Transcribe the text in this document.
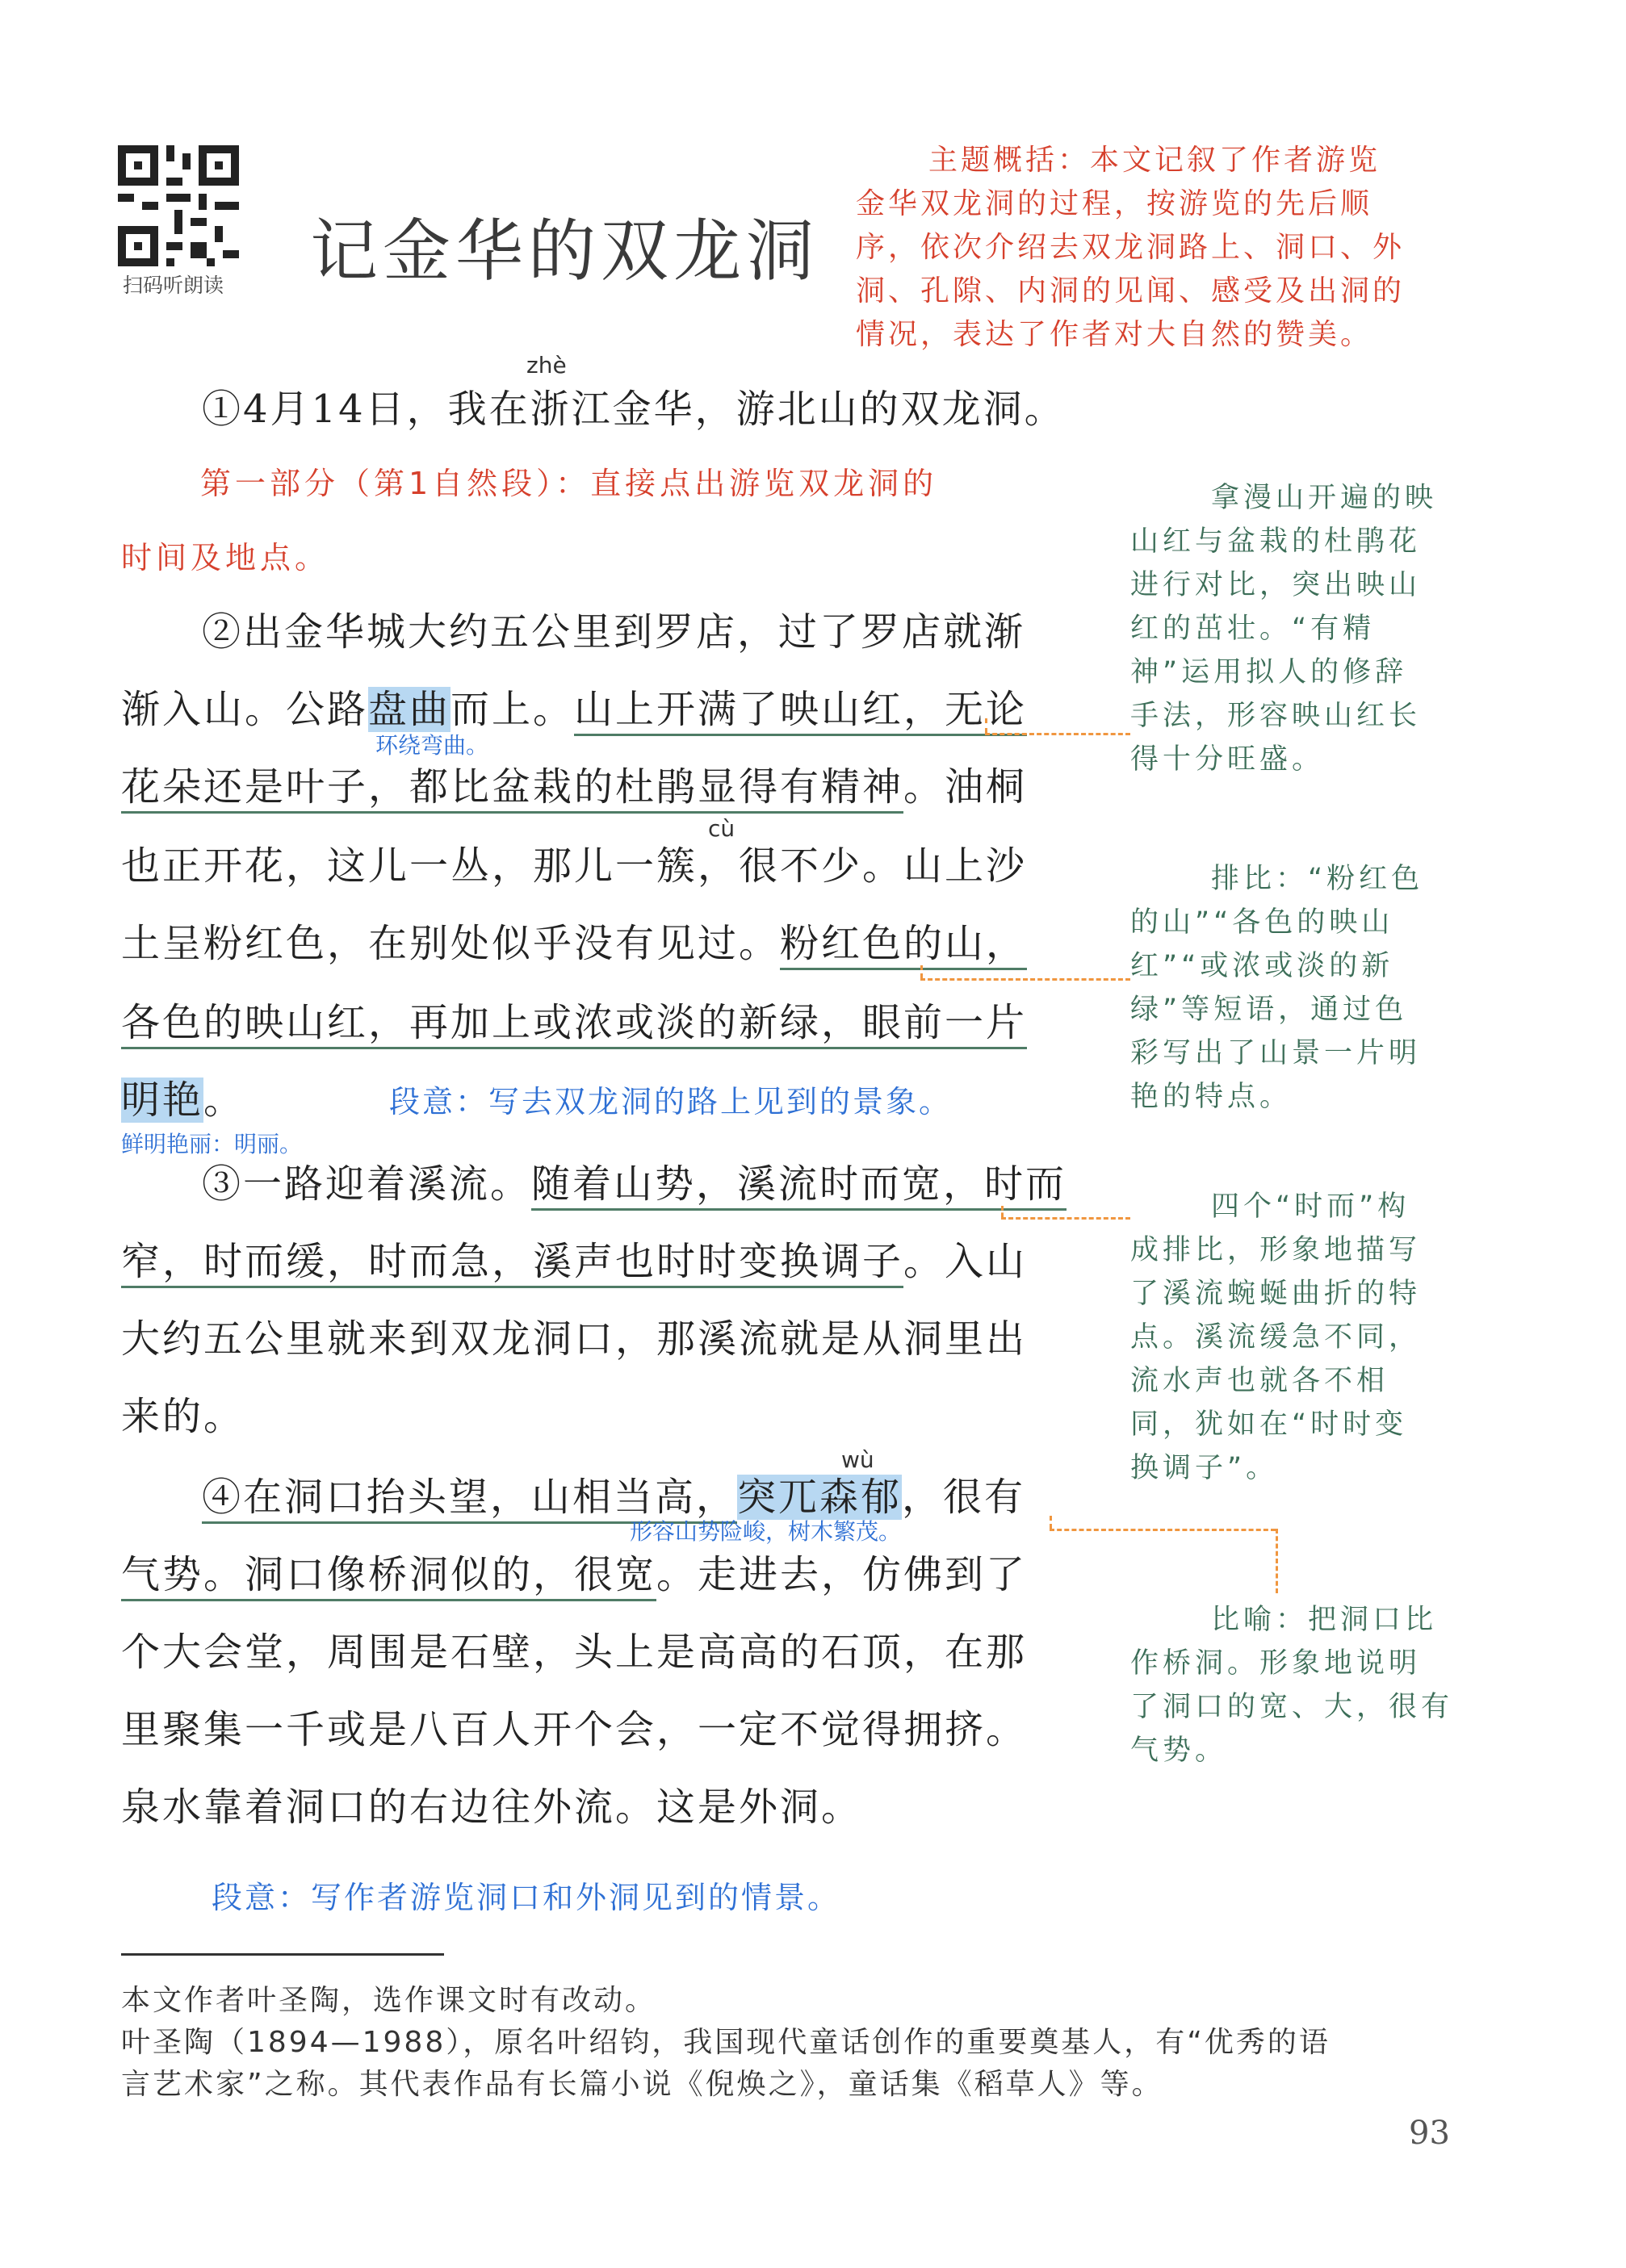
扫码听朗读 记金华的双龙洞
主题概括：本文记叙了作者游览
金华双龙洞的过程，按游览的先后顺
序，依次介绍去双龙洞路上、洞口、外
洞、孔隙、内洞的见闻、感受及出洞的
情况，表达了作者对大自然的赞美。
zhè
①4月14日，我在浙江金华，游北山的双龙洞。
第一部分（第1自然段）：直接点出游览双龙洞的
时间及地点。
②出金华城大约五公里到罗店，过了罗店就渐
渐入山。公路盘曲而上。山上开满了映山红，无论
环绕弯曲。
花朵还是叶子，都比盆栽的杜鹃显得有精神。油桐
cù
也正开花，这儿一丛，那儿一簇，很不少。山上沙
土呈粉红色，在别处似乎没有见过。粉红色的山，
各色的映山红，再加上或浓或淡的新绿，眼前一片
明艳。	段意：写去双龙洞的路上见到的景象。
鲜明艳丽：明丽。
③一路迎着溪流。随着山势，溪流时而宽，时而
窄，时而缓，时而急，溪声也时时变换调子。入山
大约五公里就来到双龙洞口，那溪流就是从洞里出
来的。
wù
④在洞口抬头望，山相当高，突兀森郁，很有
形容山势险峻，树木繁茂。
气势。洞口像桥洞似的，很宽。走进去，仿佛到了
个大会堂，周围是石壁，头上是高高的石顶，在那
里聚集一千或是八百人开个会，一定不觉得拥挤。
泉水靠着洞口的右边往外流。这是外洞。
段意：写作者游览洞口和外洞见到的情景。
拿漫山开遍的映
山红与盆栽的杜鹃花
进行对比，突出映山
红的茁壮。“有精
神”运用拟人的修辞
手法，形容映山红长
得十分旺盛。
排比：“粉红色
的山”“各色的映山
红”“或浓或淡的新
绿”等短语，通过色
彩写出了山景一片明
艳的特点。
四个“时而”构
成排比，形象地描写
了溪流蜿蜒曲折的特
点。溪流缓急不同，
流水声也就各不相
同，犹如在“时时变
换调子”。
比喻：把洞口比
作桥洞。形象地说明
了洞口的宽、大，很有
气势。
本文作者叶圣陶，选作课文时有改动。
叶圣陶（1894—1988），原名叶绍钧，我国现代童话创作的重要奠基人，有“优秀的语
言艺术家”之称。其代表作品有长篇小说《倪焕之》，童话集《稻草人》等。
93
